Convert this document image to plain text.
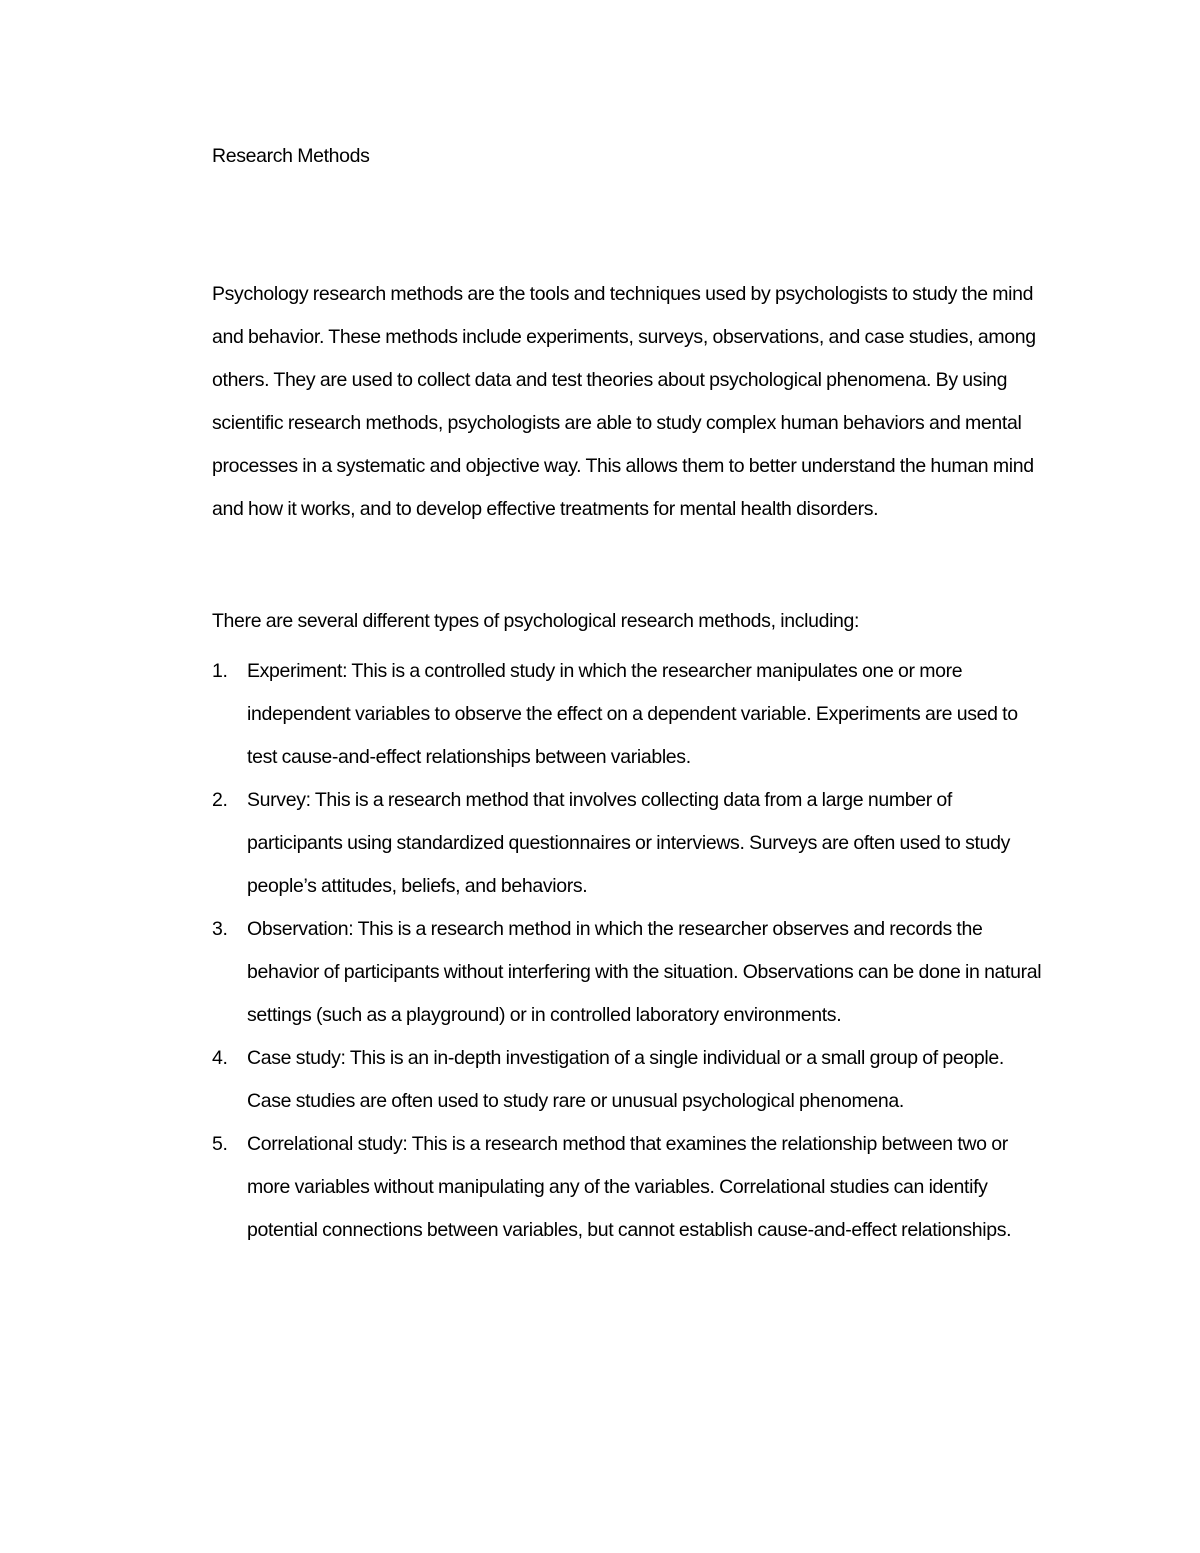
Research Methods

Psychology research methods are the tools and techniques used by psychologists to study the mind and behavior. These methods include experiments, surveys, observations, and case studies, among others. They are used to collect data and test theories about psychological phenomena. By using scientific research methods, psychologists are able to study complex human behaviors and mental processes in a systematic and objective way. This allows them to better understand the human mind and how it works, and to develop effective treatments for mental health disorders.

There are several different types of psychological research methods, including:

1. Experiment: This is a controlled study in which the researcher manipulates one or more independent variables to observe the effect on a dependent variable. Experiments are used to test cause-and-effect relationships between variables.
2. Survey: This is a research method that involves collecting data from a large number of participants using standardized questionnaires or interviews. Surveys are often used to study people’s attitudes, beliefs, and behaviors.
3. Observation: This is a research method in which the researcher observes and records the behavior of participants without interfering with the situation. Observations can be done in natural settings (such as a playground) or in controlled laboratory environments.
4. Case study: This is an in-depth investigation of a single individual or a small group of people. Case studies are often used to study rare or unusual psychological phenomena.
5. Correlational study: This is a research method that examines the relationship between two or more variables without manipulating any of the variables. Correlational studies can identify potential connections between variables, but cannot establish cause-and-effect relationships.
